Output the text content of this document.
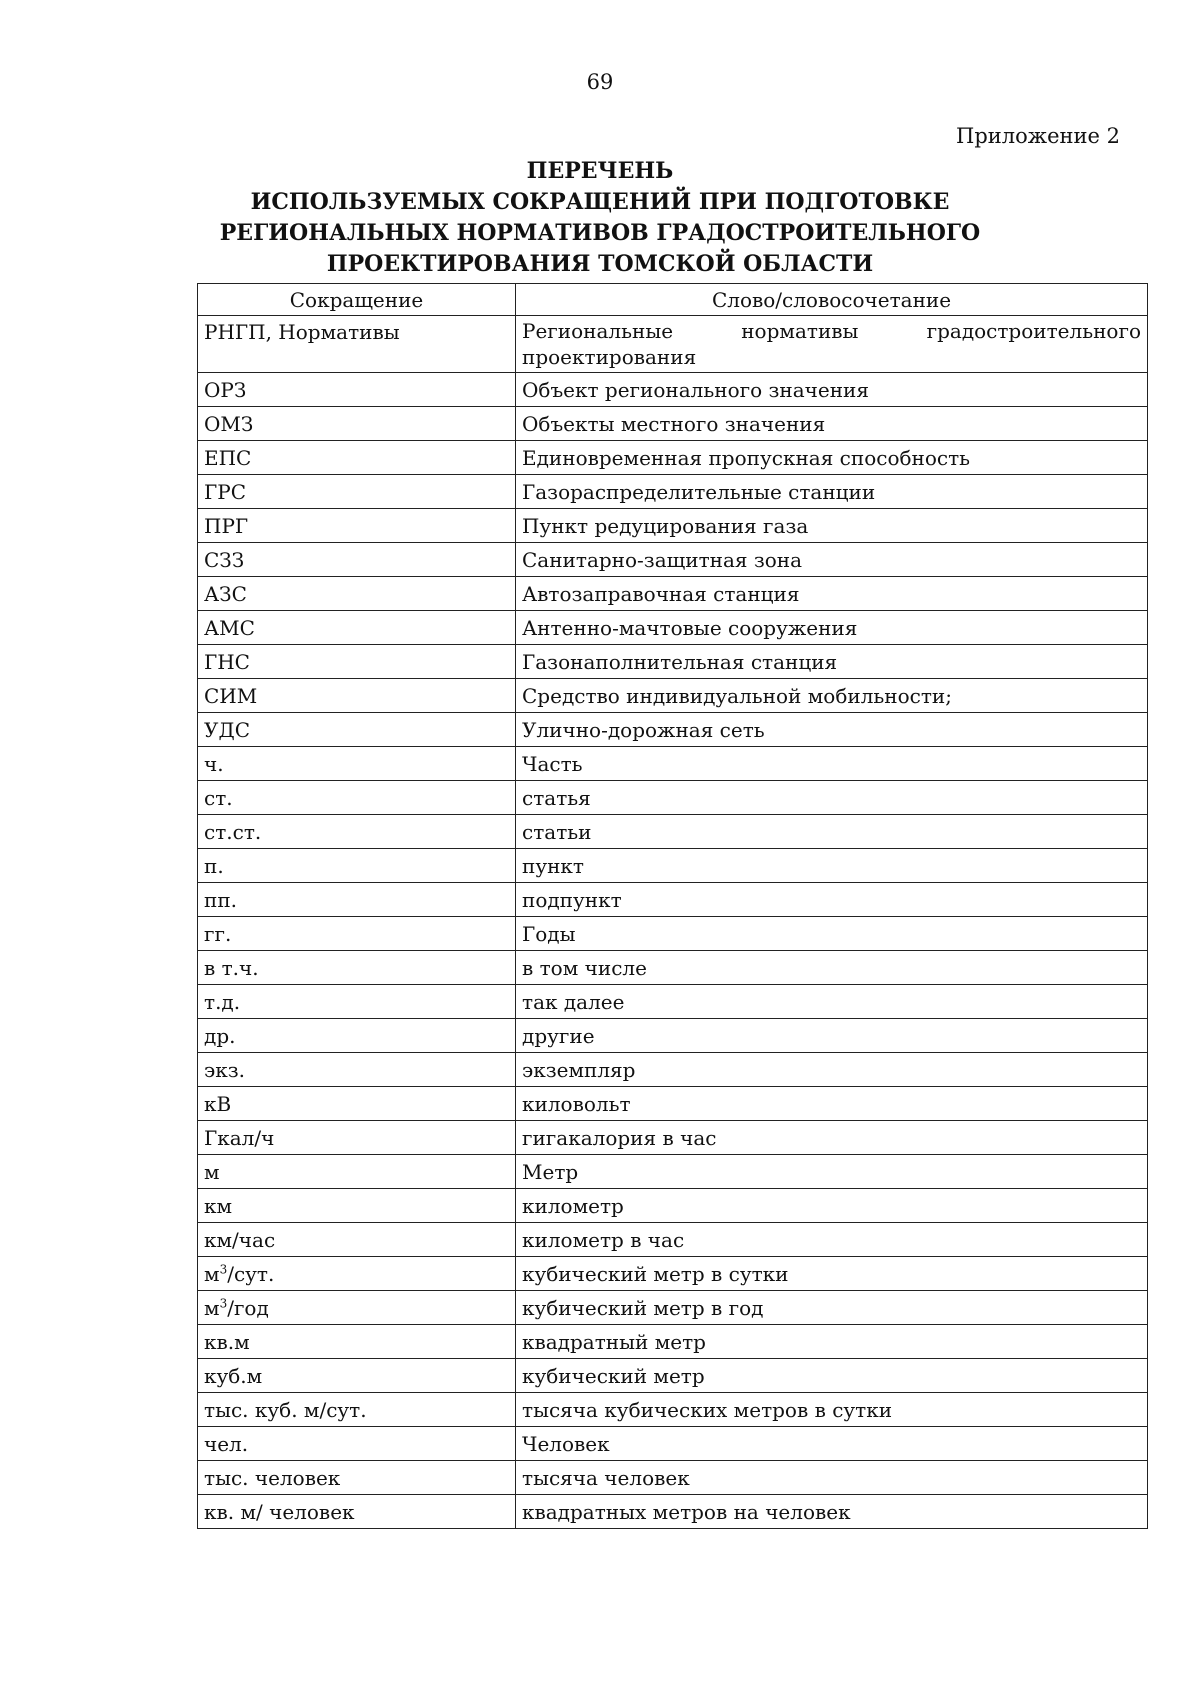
69
Приложение 2
ПЕРЕЧЕНЬ
ИСПОЛЬЗУЕМЫХ СОКРАЩЕНИЙ ПРИ ПОДГОТОВКЕ
РЕГИОНАЛЬНЫХ НОРМАТИВОВ ГРАДОСТРОИТЕЛЬНОГО
ПРОЕКТИРОВАНИЯ ТОМСКОЙ ОБЛАСТИ
Сокращение	Слово/словосочетание
РНГП, Нормативы	Региональные нормативы градостроительного проектирования
ОРЗ	Объект регионального значения
ОМЗ	Объекты местного значения
ЕПС	Единовременная пропускная способность
ГРС	Газораспределительные станции
ПРГ	Пункт редуцирования газа
СЗЗ	Санитарно-защитная зона
АЗС	Автозаправочная станция
АМС	Антенно-мачтовые сооружения
ГНС	Газонаполнительная станция
СИМ	Средство индивидуальной мобильности;
УДС	Улично-дорожная сеть
ч.	Часть
ст.	статья
ст.ст.	статьи
п.	пункт
пп.	подпункт
гг.	Годы
в т.ч.	в том числе
т.д.	так далее
др.	другие
экз.	экземпляр
кВ	киловольт
Гкал/ч	гигакалория в час
м	Метр
км	километр
км/час	километр в час
$м^3$/сут.	кубический метр в сутки
$м^3$/год	кубический метр в год
кв.м	квадратный метр
куб.м	кубический метр
тыс. куб. м/сут.	тысяча кубических метров в сутки
чел.	Человек
тыс. человек	тысяча человек
кв. м/ человек	квадратных метров на человек
